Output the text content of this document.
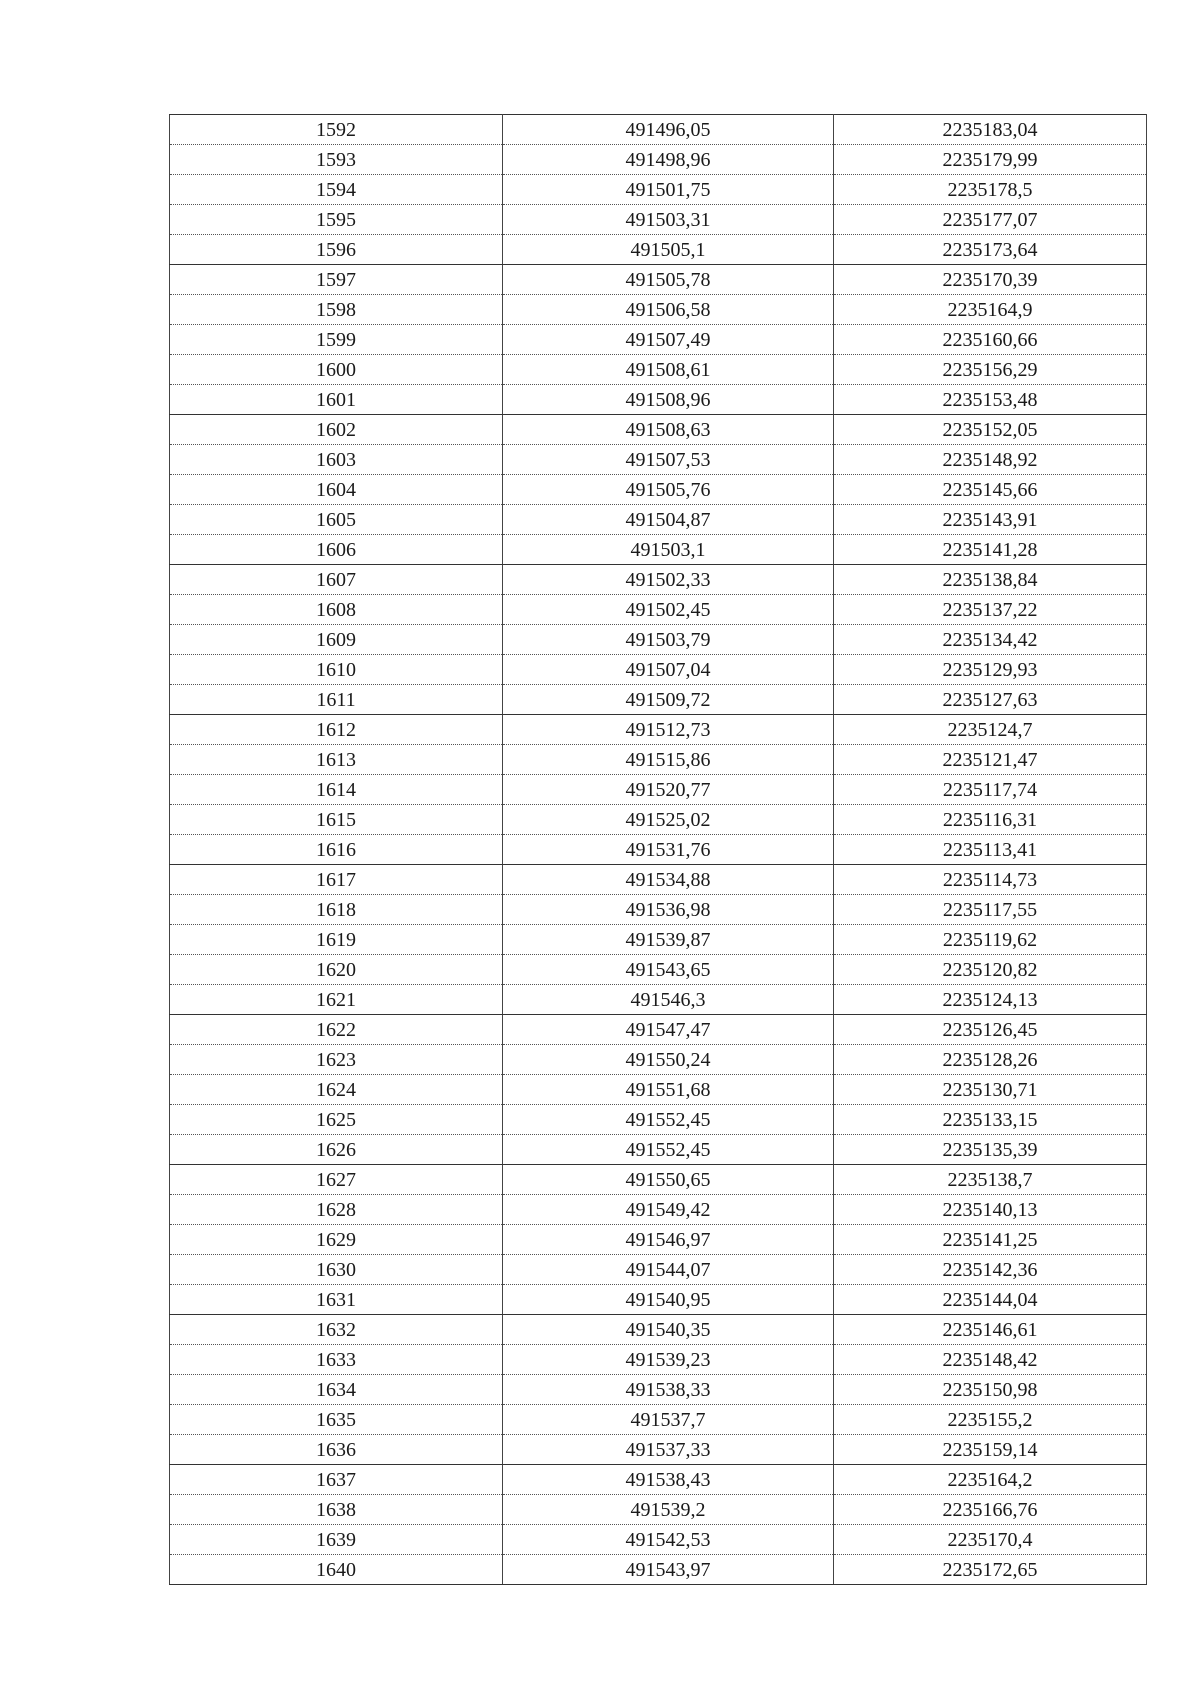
1592	491496,05	2235183,04
1593	491498,96	2235179,99
1594	491501,75	2235178,5
1595	491503,31	2235177,07
1596	491505,1	2235173,64
1597	491505,78	2235170,39
1598	491506,58	2235164,9
1599	491507,49	2235160,66
1600	491508,61	2235156,29
1601	491508,96	2235153,48
1602	491508,63	2235152,05
1603	491507,53	2235148,92
1604	491505,76	2235145,66
1605	491504,87	2235143,91
1606	491503,1	2235141,28
1607	491502,33	2235138,84
1608	491502,45	2235137,22
1609	491503,79	2235134,42
1610	491507,04	2235129,93
1611	491509,72	2235127,63
1612	491512,73	2235124,7
1613	491515,86	2235121,47
1614	491520,77	2235117,74
1615	491525,02	2235116,31
1616	491531,76	2235113,41
1617	491534,88	2235114,73
1618	491536,98	2235117,55
1619	491539,87	2235119,62
1620	491543,65	2235120,82
1621	491546,3	2235124,13
1622	491547,47	2235126,45
1623	491550,24	2235128,26
1624	491551,68	2235130,71
1625	491552,45	2235133,15
1626	491552,45	2235135,39
1627	491550,65	2235138,7
1628	491549,42	2235140,13
1629	491546,97	2235141,25
1630	491544,07	2235142,36
1631	491540,95	2235144,04
1632	491540,35	2235146,61
1633	491539,23	2235148,42
1634	491538,33	2235150,98
1635	491537,7	2235155,2
1636	491537,33	2235159,14
1637	491538,43	2235164,2
1638	491539,2	2235166,76
1639	491542,53	2235170,4
1640	491543,97	2235172,65
